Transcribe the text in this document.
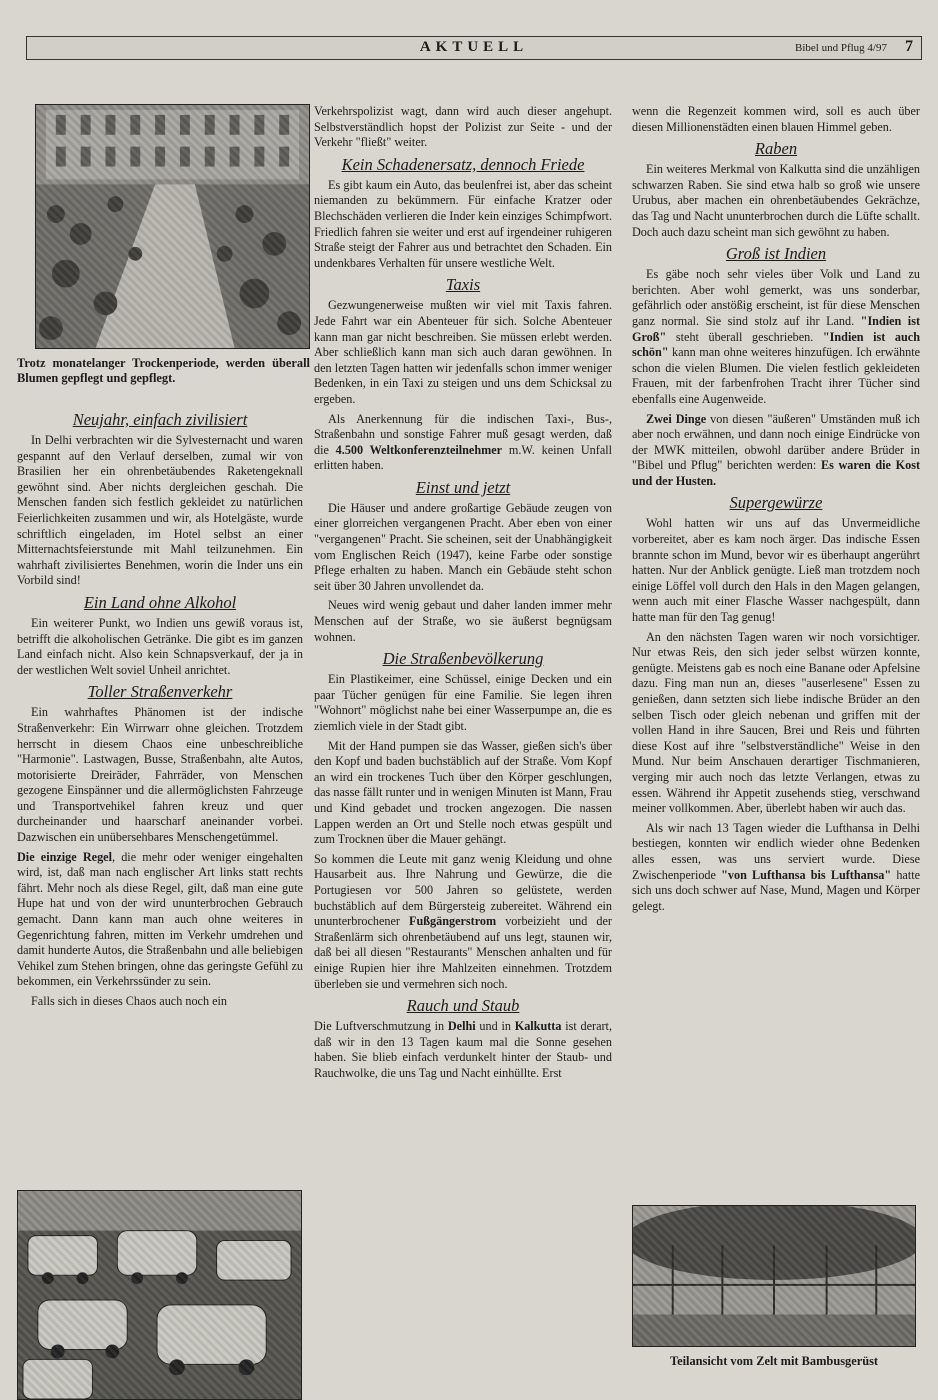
AKTUELL	Bibel und Pflug 4/97 7
Trotz monatelanger Trockenperiode, werden überall Blumen gepflegt und gepflegt.
Neujahr, einfach zivilisiert

In Delhi verbrachten wir die Sylvesternacht und waren gespannt auf den Verlauf derselben, zumal wir von Brasilien her ein ohrenbetäubendes Raketengeknall gewöhnt sind. Aber nichts dergleichen geschah. Die Menschen fanden sich festlich gekleidet zu natürlichen Feierlichkeiten zusammen und wir, als Hotelgäste, wurde schriftlich eingeladen, im Hotel selbst an einer Mitternachtsfeierstunde mit Mahl teilzunehmen. Ein wahrhaft zivilisiertes Benehmen, worin die Inder uns ein Vorbild sind!

Ein Land ohne Alkohol

Ein weiterer Punkt, wo Indien uns gewiß voraus ist, betrifft die alkoholischen Getränke. Die gibt es im ganzen Land einfach nicht. Also kein Schnapsverkauf, der ja in der westlichen Welt soviel Unheil anrichtet.

Toller Straßenverkehr

Ein wahrhaftes Phänomen ist der indische Straßenverkehr: Ein Wirrwarr ohne gleichen. Trotzdem herrscht in diesem Chaos eine unbeschreibliche "Harmonie". Lastwagen, Busse, Straßenbahn, alte Autos, motorisierte Dreiräder, Fahrräder, von Menschen gezogene Einspänner und die allermöglichsten Fahrzeuge und Transportvehikel fahren kreuz und quer durcheinander und haarscharf aneinander vorbei. Dazwischen ein unübersehbares Menschengetümmel.

Die einzige Regel, die mehr oder weniger eingehalten wird, ist, daß man nach englischer Art links statt rechts fährt. Mehr noch als diese Regel, gilt, daß man eine gute Hupe hat und von der wird ununterbrochen Gebrauch gemacht. Dann kann man auch ohne weiteres in Gegenrichtung fahren, mitten im Verkehr umdrehen und damit hunderte Autos, die Straßenbahn und alle beliebigen Vehikel zum Stehen bringen, ohne das geringste Gefühl zu bekommen, ein Verkehrssünder zu sein.

Falls sich in dieses Chaos auch noch ein

Verkehrspolizist wagt, dann wird auch dieser angehupt. Selbstverständlich hopst der Polizist zur Seite - und der Verkehr "fließt" weiter.

Kein Schadenersatz, dennoch Friede

Es gibt kaum ein Auto, das beulenfrei ist, aber das scheint niemanden zu bekümmern. Für einfache Kratzer oder Blechschäden verlieren die Inder kein einziges Schimpfwort. Friedlich fahren sie weiter und erst auf irgendeiner ruhigeren Straße steigt der Fahrer aus und betrachtet den Schaden. Ein undenkbares Verhalten für unsere westliche Welt.

Taxis

Gezwungenerweise mußten wir viel mit Taxis fahren. Jede Fahrt war ein Abenteuer für sich. Solche Abenteuer kann man gar nicht beschreiben. Sie müssen erlebt werden. Aber schließlich kann man sich auch daran gewöhnen. In den letzten Tagen hatten wir jedenfalls schon immer weniger Bedenken, in ein Taxi zu steigen und uns dem Schicksal zu ergeben.

Als Anerkennung für die indischen Taxi-, Bus-, Straßenbahn und sonstige Fahrer muß gesagt werden, daß die 4.500 Weltkonferenzteilnehmer m.W. keinen Unfall erlitten haben.

Einst und jetzt

Die Häuser und andere großartige Gebäude zeugen von einer glorreichen vergangenen Pracht. Aber eben von einer "vergangenen" Pracht. Sie scheinen, seit der Unabhängigkeit vom Englischen Reich (1947), keine Farbe oder sonstige Pflege erhalten zu haben. Manch ein Gebäude steht schon seit über 30 Jahren unvollendet da.

Neues wird wenig gebaut und daher landen immer mehr Menschen auf der Straße, wo sie äußerst begnügsam wohnen.

Die Straßenbevölkerung

Ein Plastikeimer, eine Schüssel, einige Decken und ein paar Tücher genügen für eine Familie. Sie legen ihren "Wohnort" möglichst nahe bei einer Wasserpumpe an, die es ziemlich viele in der Stadt gibt.

Mit der Hand pumpen sie das Wasser, gießen sich's über den Kopf und baden buchstäblich auf der Straße. Vom Kopf an wird ein trockenes Tuch über den Körper geschlungen, das nasse fällt runter und in wenigen Minuten ist Mann, Frau und Kind gebadet und trocken angezogen. Die nassen Lappen werden an Ort und Stelle noch etwas gespült und zum Trocknen über die Mauer gehängt.

So kommen die Leute mit ganz wenig Kleidung und ohne Hausarbeit aus. Ihre Nahrung und Gewürze, die die Portugiesen vor 500 Jahren so gelüstete, werden buchstäblich auf dem Bürgersteig zubereitet. Während ein ununterbrochener Fußgängerstrom vorbeizieht und der Straßenlärm sich ohrenbetäubend auf uns legt, staunen wir, daß bei all diesen "Restaurants" Menschen anhalten und für einige Rupien hier ihre Mahlzeiten einnehmen. Trotzdem überleben sie und vermehren sich noch.

Rauch und Staub

Die Luftverschmutzung in Delhi und in Kalkutta ist derart, daß wir in den 13 Tagen kaum mal die Sonne gesehen haben. Sie blieb einfach verdunkelt hinter der Staub- und Rauchwolke, die uns Tag und Nacht einhüllte. Erst

wenn die Regenzeit kommen wird, soll es auch über diesen Millionenstädten einen blauen Himmel geben.

Raben

Ein weiteres Merkmal von Kalkutta sind die unzähligen schwarzen Raben. Sie sind etwa halb so groß wie unsere Urubus, aber machen ein ohrenbetäubendes Gekrächze, das Tag und Nacht ununterbrochen durch die Lüfte schallt. Doch auch dazu scheint man sich gewöhnt zu haben.

Groß ist Indien

Es gäbe noch sehr vieles über Volk und Land zu berichten. Aber wohl gemerkt, was uns sonderbar, gefährlich oder anstößig erscheint, ist für diese Menschen ganz normal. Sie sind stolz auf ihr Land. "Indien ist Groß" steht überall geschrieben. "Indien ist auch schön" kann man ohne weiteres hinzufügen. Ich erwähnte schon die vielen Blumen. Die vielen festlich gekleideten Frauen, mit der farbenfrohen Tracht ihrer Tücher sind ebenfalls eine Augenweide.

Zwei Dinge von diesen "äußeren" Umständen muß ich aber noch erwähnen, und dann noch einige Eindrücke von der MWK mitteilen, obwohl darüber andere Brüder in "Bibel und Pflug" berichten werden: Es waren die Kost und der Husten.

Supergewürze

Wohl hatten wir uns auf das Unvermeidliche vorbereitet, aber es kam noch ärger. Das indische Essen brannte schon im Mund, bevor wir es überhaupt angerührt hatten. Nur der Anblick genügte. Ließ man trotzdem noch einige Löffel voll durch den Hals in den Magen gelangen, wenn auch mit einer Flasche Wasser nachgespült, dann hatte man für den Tag genug!

An den nächsten Tagen waren wir noch vorsichtiger. Nur etwas Reis, den sich jeder selbst würzen konnte, genügte. Meistens gab es noch eine Banane oder Apfelsine dazu. Fing man nun an, dieses "auserlesene" Essen zu genießen, dann setzten sich liebe indische Brüder an den selben Tisch oder gleich nebenan und griffen mit der vollen Hand in ihre Saucen, Brei und Reis und führten diese Kost auf ihre "selbstverständliche" Weise in den Mund. Nur beim Anschauen derartiger Tischmanieren, verging mir auch noch das letzte Verlangen, etwas zu essen. Während ihr Appetit zusehends stieg, verschwand meiner vollkommen. Aber, überlebt haben wir auch das.

Als wir nach 13 Tagen wieder die Lufthansa in Delhi bestiegen, konnten wir endlich wieder ohne Bedenken alles essen, was uns serviert wurde. Diese Zwischenperiode "von Lufthansa bis Lufthansa" hatte sich uns doch schwer auf Nase, Mund, Magen und Körper gelegt.

Teilansicht vom Zelt mit Bambusgerüst
